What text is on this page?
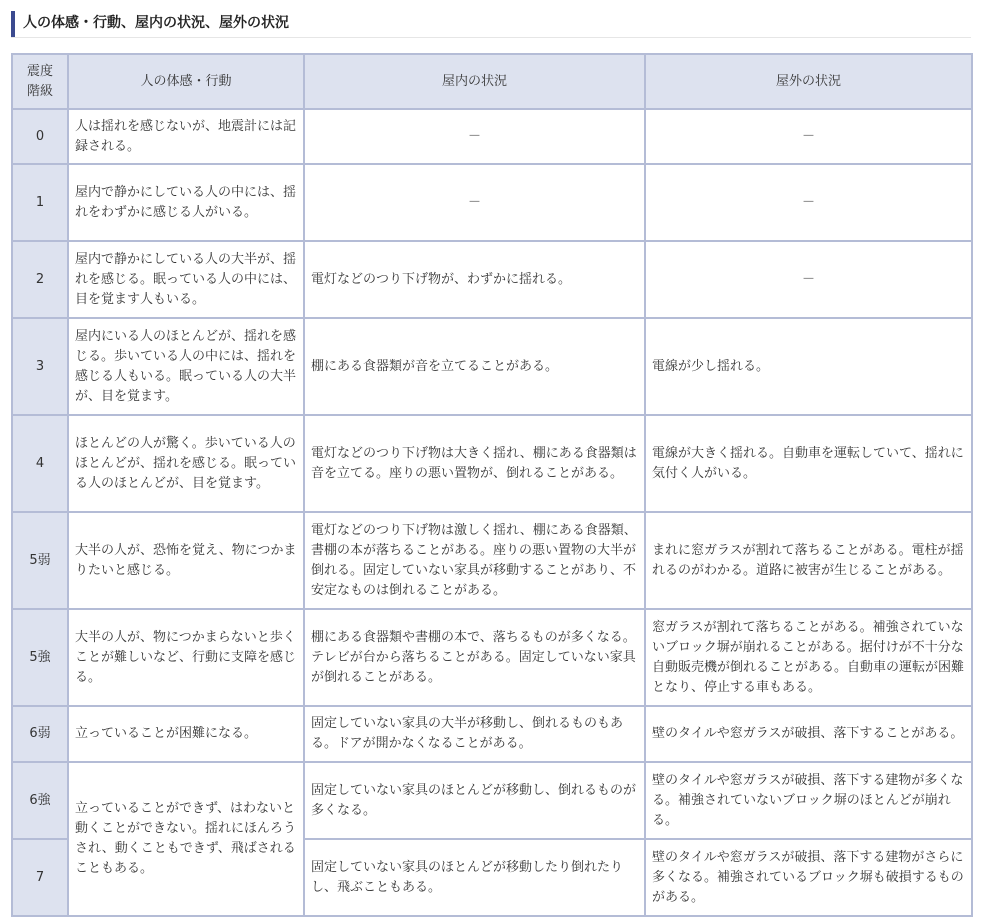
人の体感・行動、屋内の状況、屋外の状況
震度階級	人の体感・行動	屋内の状況	屋外の状況
0	人は揺れを感じないが、地震計には記録される。	－	－
1	屋内で静かにしている人の中には、揺れをわずかに感じる人がいる。	－	－
2	屋内で静かにしている人の大半が、揺れを感じる。眠っている人の中には、目を覚ます人もいる。	電灯などのつり下げ物が、わずかに揺れる。	－
3	屋内にいる人のほとんどが、揺れを感じる。歩いている人の中には、揺れを感じる人もいる。眠っている人の大半が、目を覚ます。	棚にある食器類が音を立てることがある。	電線が少し揺れる。
4	ほとんどの人が驚く。歩いている人のほとんどが、揺れを感じる。眠っている人のほとんどが、目を覚ます。	電灯などのつり下げ物は大きく揺れ、棚にある食器類は音を立てる。座りの悪い置物が、倒れることがある。	電線が大きく揺れる。自動車を運転していて、揺れに気付く人がいる。
5弱	大半の人が、恐怖を覚え、物につかまりたいと感じる。	電灯などのつり下げ物は激しく揺れ、棚にある食器類、書棚の本が落ちることがある。座りの悪い置物の大半が倒れる。固定していない家具が移動することがあり、不安定なものは倒れることがある。	まれに窓ガラスが割れて落ちることがある。電柱が揺れるのがわかる。道路に被害が生じることがある。
5強	大半の人が、物につかまらないと歩くことが難しいなど、行動に支障を感じる。	棚にある食器類や書棚の本で、落ちるものが多くなる。テレビが台から落ちることがある。固定していない家具が倒れることがある。	窓ガラスが割れて落ちることがある。補強されていないブロック塀が崩れることがある。据付けが不十分な自動販売機が倒れることがある。自動車の運転が困難となり、停止する車もある。
6弱	立っていることが困難になる。	固定していない家具の大半が移動し、倒れるものもある。ドアが開かなくなることがある。	壁のタイルや窓ガラスが破損、落下することがある。
6強	立っていることができず、はわないと動くことができない。揺れにほんろうされ、動くこともできず、飛ばされることもある。	固定していない家具のほとんどが移動し、倒れるものが多くなる。	壁のタイルや窓ガラスが破損、落下する建物が多くなる。補強されていないブロック塀のほとんどが崩れる。
7		固定していない家具のほとんどが移動したり倒れたりし、飛ぶこともある。	壁のタイルや窓ガラスが破損、落下する建物がさらに多くなる。補強されているブロック塀も破損するものがある。
